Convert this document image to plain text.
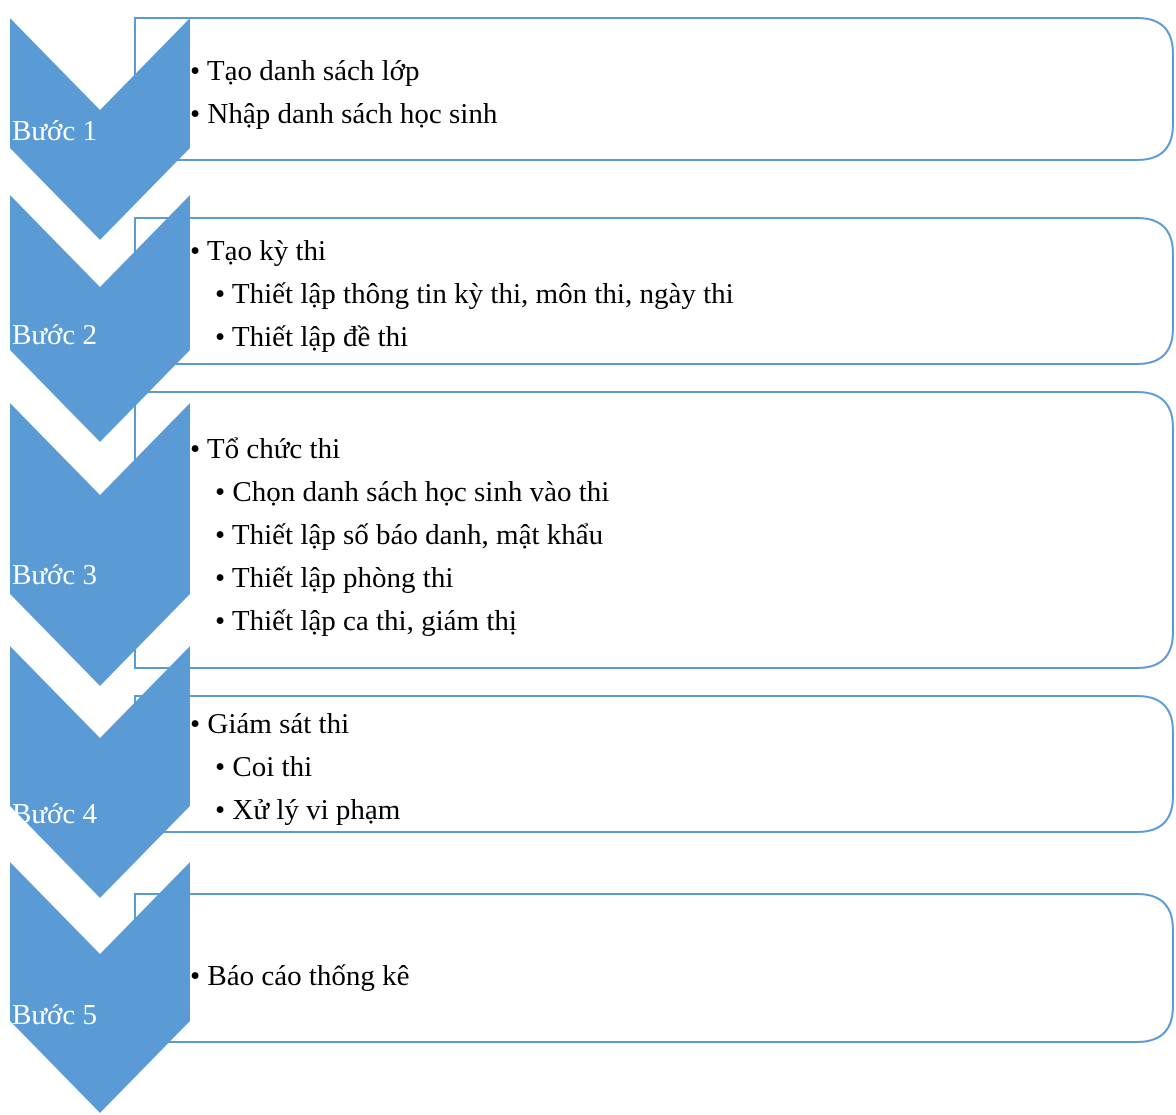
Bước 1
• Tạo danh sách lớp
• Nhập danh sách học sinh
Bước 2
• Tạo kỳ thi
• Thiết lập thông tin kỳ thi, môn thi, ngày thi
• Thiết lập đề thi
Bước 3
• Tổ chức thi
• Chọn danh sách học sinh vào thi
• Thiết lập số báo danh, mật khẩu
• Thiết lập phòng thi
• Thiết lập ca thi, giám thị
Bước 4
• Giám sát thi
• Coi thi
• Xử lý vi phạm
Bước 5
• Báo cáo thống kê
